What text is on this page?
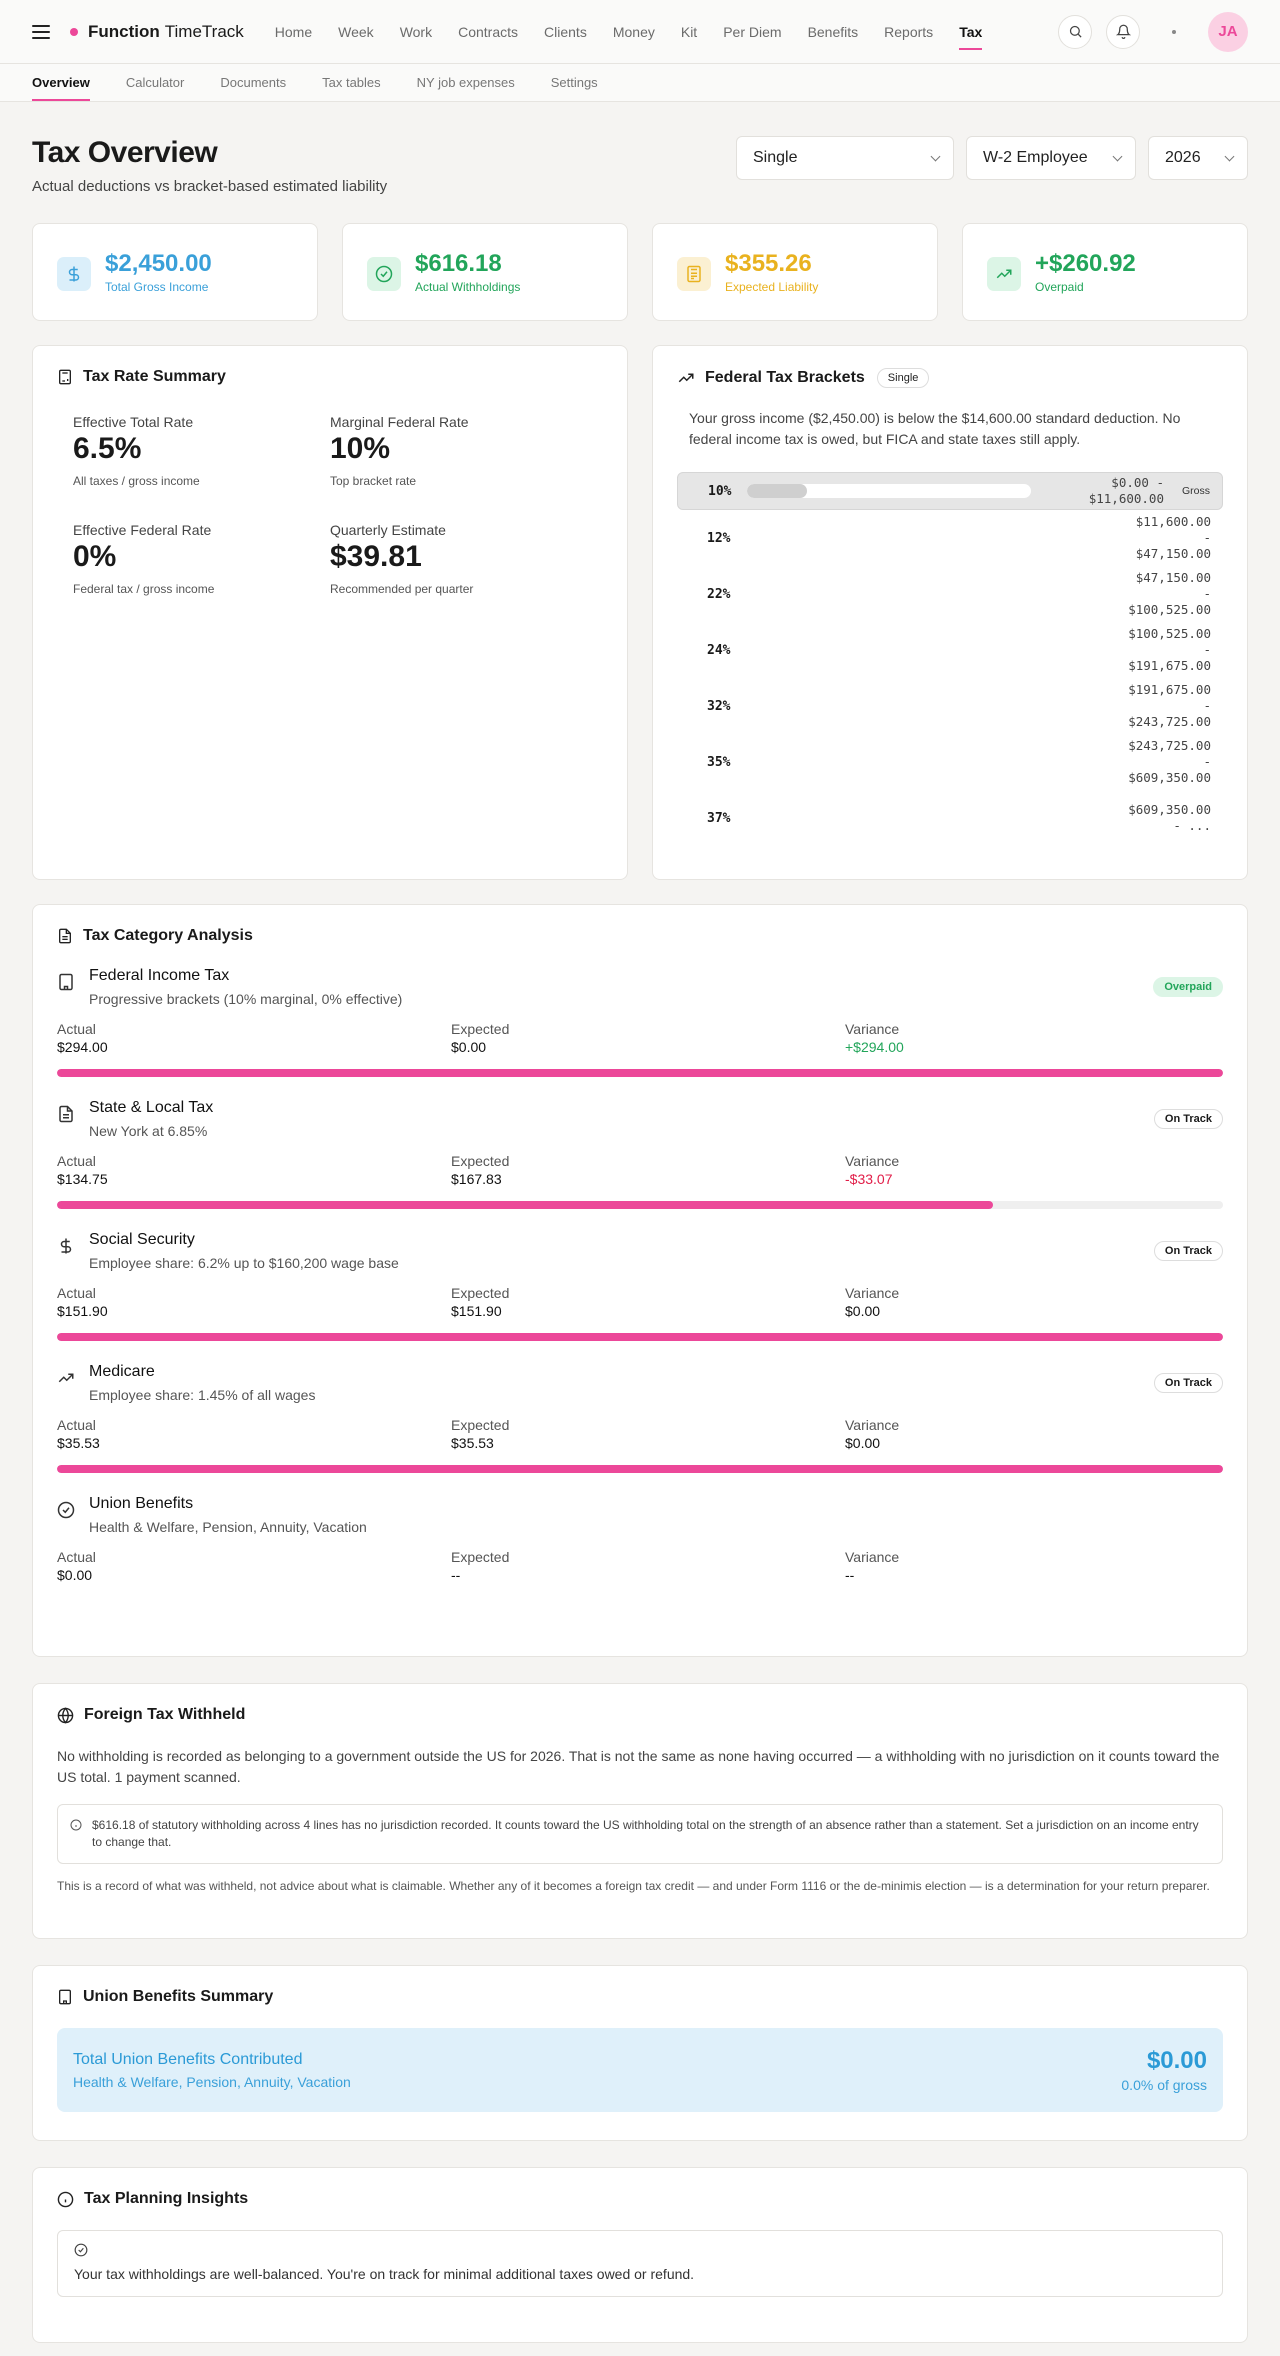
Function TimeTrack	Home	Week	Work	Contracts	Clients	Money	Kit	Per Diem	Benefits	Reports	Tax	JA
Overview	Calculator	Documents	Tax tables	NY job expenses	Settings
Tax Overview
Actual deductions vs bracket-based estimated liability
Single	W-2 Employee	2026
$2,450.00
Total Gross Income
$616.18
Actual Withholdings
$355.26
Expected Liability
+$260.92
Overpaid
Tax Rate Summary
Effective Total Rate
6.5%
All taxes / gross income
Marginal Federal Rate
10%
Top bracket rate
Effective Federal Rate
0%
Federal tax / gross income
Quarterly Estimate
$39.81
Recommended per quarter
Federal Tax Brackets	Single
Your gross income ($2,450.00) is below the $14,600.00 standard deduction. No federal income tax is owed, but FICA and state taxes still apply.
10%
$0.00 - $11,600.00 Gross
12%
$11,600.00 - $47,150.00
22%
$47,150.00 - $100,525.00
24%
$100,525.00 - $191,675.00
32%
$191,675.00 - $243,725.00
35%
$243,725.00 - $609,350.00
37%
$609,350.00 - ...
Tax Category Analysis
Federal Income Tax
Progressive brackets (10% marginal, 0% effective)
Overpaid
Actual
$294.00
Expected
$0.00
Variance
+$294.00
State & Local Tax
New York at 6.85%
On Track
Actual
$134.75
Expected
$167.83
Variance
-$33.07
Social Security
Employee share: 6.2% up to $160,200 wage base
On Track
Actual
$151.90
Expected
$151.90
Variance
$0.00
Medicare
Employee share: 1.45% of all wages
On Track
Actual
$35.53
Expected
$35.53
Variance
$0.00
Union Benefits
Health & Welfare, Pension, Annuity, Vacation
Actual
$0.00
Expected
--
Variance
--
Foreign Tax Withheld
No withholding is recorded as belonging to a government outside the US for 2026. That is not the same as none having occurred — a withholding with no jurisdiction on it counts toward the US total. 1 payment scanned.
$616.18 of statutory withholding across 4 lines has no jurisdiction recorded. It counts toward the US withholding total on the strength of an absence rather than a statement. Set a jurisdiction on an income entry to change that.
This is a record of what was withheld, not advice about what is claimable. Whether any of it becomes a foreign tax credit — and under Form 1116 or the de-minimis election — is a determination for your return preparer.
Union Benefits Summary
Total Union Benefits Contributed
Health & Welfare, Pension, Annuity, Vacation
$0.00
0.0% of gross
Tax Planning Insights
Your tax withholdings are well-balanced. You're on track for minimal additional taxes owed or refund.
